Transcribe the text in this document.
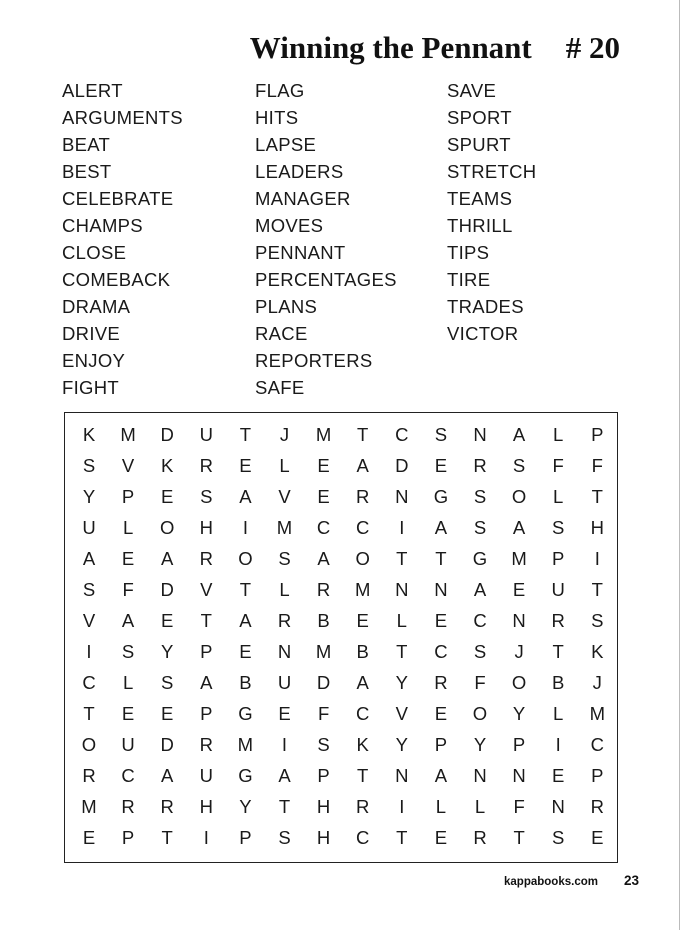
Winning the Pennant # 20
ALERT
ARGUMENTS
BEAT
BEST
CELEBRATE
CHAMPS
CLOSE
COMEBACK
DRAMA
DRIVE
ENJOY
FIGHT
FLAG
HITS
LAPSE
LEADERS
MANAGER
MOVES
PENNANT
PERCENTAGES
PLANS
RACE
REPORTERS
SAFE
SAVE
SPORT
SPURT
STRETCH
TEAMS
THRILL
TIPS
TIRE
TRADES
VICTOR
K	M	D	U	T	J	M	T	C	S	N	A	L	P
S	V	K	R	E	L	E	A	D	E	R	S	F	F
Y	P	E	S	A	V	E	R	N	G	S	O	L	T
U	L	O	H	I	M	C	C	I	A	S	A	S	H
A	E	A	R	O	S	A	O	T	T	G	M	P	I
S	F	D	V	T	L	R	M	N	N	A	E	U	T
V	A	E	T	A	R	B	E	L	E	C	N	R	S
I	S	Y	P	E	N	M	B	T	C	S	J	T	K
C	L	S	A	B	U	D	A	Y	R	F	O	B	J
T	E	E	P	G	E	F	C	V	E	O	Y	L	M
O	U	D	R	M	I	S	K	Y	P	Y	P	I	C
R	C	A	U	G	A	P	T	N	A	N	N	E	P
M	R	R	H	Y	T	H	R	I	L	L	F	N	R
E	P	T	I	P	S	H	C	T	E	R	T	S	E
kappabooks.com 23
